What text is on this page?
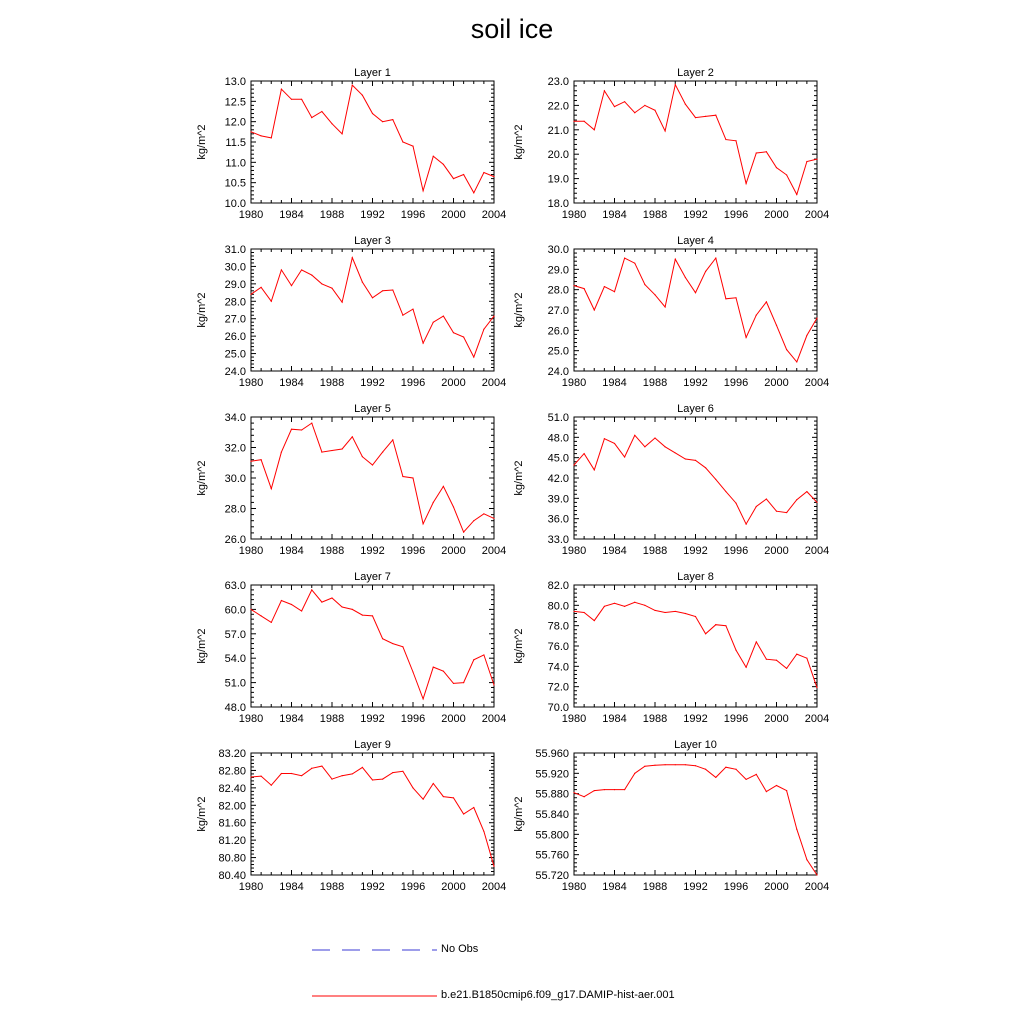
soil ice
Layer 1
1980 1984 1988 1992 1996 2000 2004
10.0
10.5
11.0
11.5
12.0
12.5
13.0
kg/m^2
Layer 2
1980 1984 1988 1992 1996 2000 2004
18.0
19.0
20.0
21.0
22.0
23.0
kg/m^2
Layer 3
1980 1984 1988 1992 1996 2000 2004
24.0
25.0
26.0
27.0
28.0
29.0
30.0
31.0
kg/m^2
Layer 4
1980 1984 1988 1992 1996 2000 2004
24.0
25.0
26.0
27.0
28.0
29.0
30.0
kg/m^2
Layer 5
1980 1984 1988 1992 1996 2000 2004
26.0
28.0
30.0
32.0
34.0
kg/m^2
Layer 6
1980 1984 1988 1992 1996 2000 2004
33.0
36.0
39.0
42.0
45.0
48.0
51.0
kg/m^2
Layer 7
1980 1984 1988 1992 1996 2000 2004
48.0
51.0
54.0
57.0
60.0
63.0
kg/m^2
Layer 8
1980 1984 1988 1992 1996 2000 2004
70.0
72.0
74.0
76.0
78.0
80.0
82.0
kg/m^2
Layer 9
1980 1984 1988 1992 1996 2000 2004
80.40
80.80
81.20
81.60
82.00
82.40
82.80
83.20
kg/m^2
Layer 10
1980 1984 1988 1992 1996 2000 2004
55.720
55.760
55.800
55.840
55.880
55.920
55.960
kg/m^2
No Obs
b.e21.B1850cmip6.f09_g17.DAMIP-hist-aer.001
